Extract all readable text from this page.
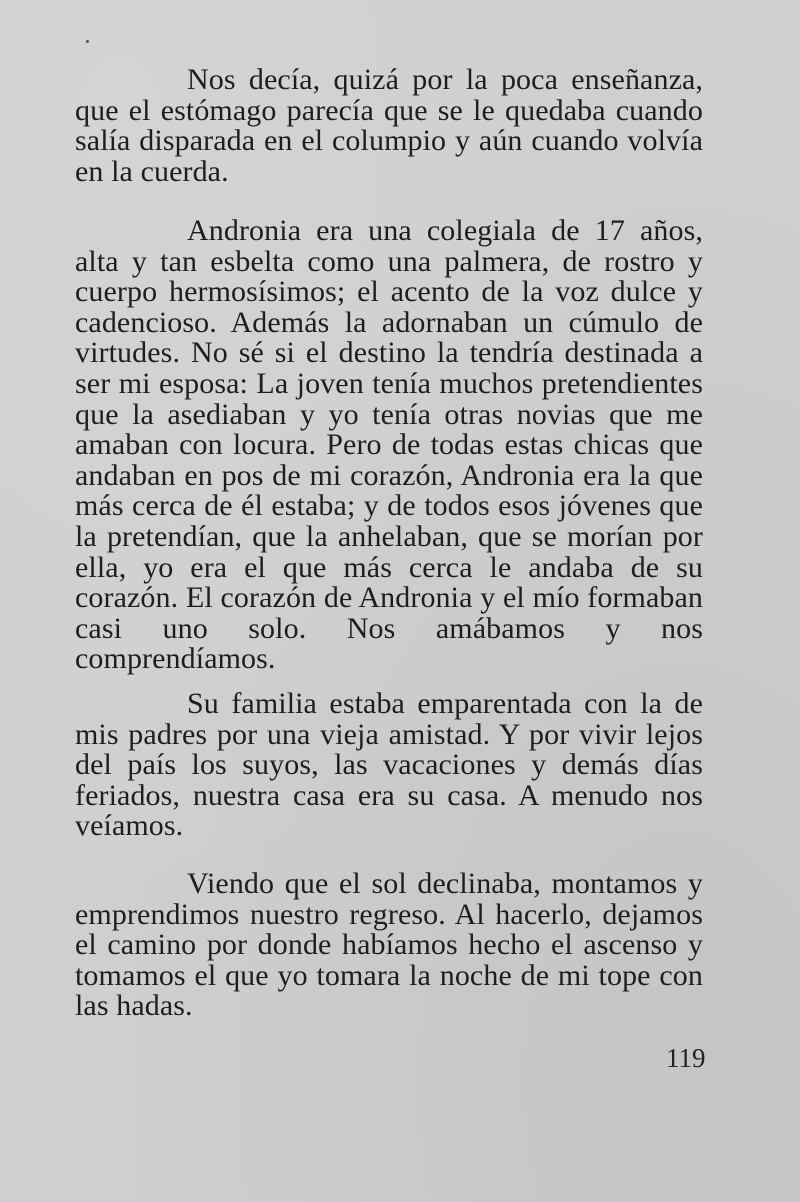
Nos decía, quizá por la poca enseñanza, que el estómago parecía que se le quedaba cuando salía disparada en el columpio y aún cuando volvía en la cuerda.

Andronia era una colegiala de 17 años, alta y tan esbelta como una palmera, de rostro y cuerpo hermosísimos; el acento de la voz dulce y cadencioso. Además la adornaban un cúmulo de virtudes. No sé si el destino la tendría destinada a ser mi esposa: La joven tenía muchos pretendientes que la asediaban y yo tenía otras novias que me amaban con locura. Pero de todas estas chicas que andaban en pos de mi corazón, Andronia era la que más cerca de él estaba; y de todos esos jóvenes que la pretendían, que la anhelaban, que se morían por ella, yo era el que más cerca le andaba de su corazón. El corazón de Andronia y el mío formaban casi uno solo. Nos amábamos y nos comprendíamos.

Su familia estaba emparentada con la de mis padres por una vieja amistad. Y por vivir lejos del país los suyos, las vacaciones y demás días feriados, nuestra casa era su casa. A menudo nos veíamos.

Viendo que el sol declinaba, montamos y emprendimos nuestro regreso. Al hacerlo, dejamos el camino por donde habíamos hecho el ascenso y tomamos el que yo tomara la noche de mi tope con las hadas.

119
